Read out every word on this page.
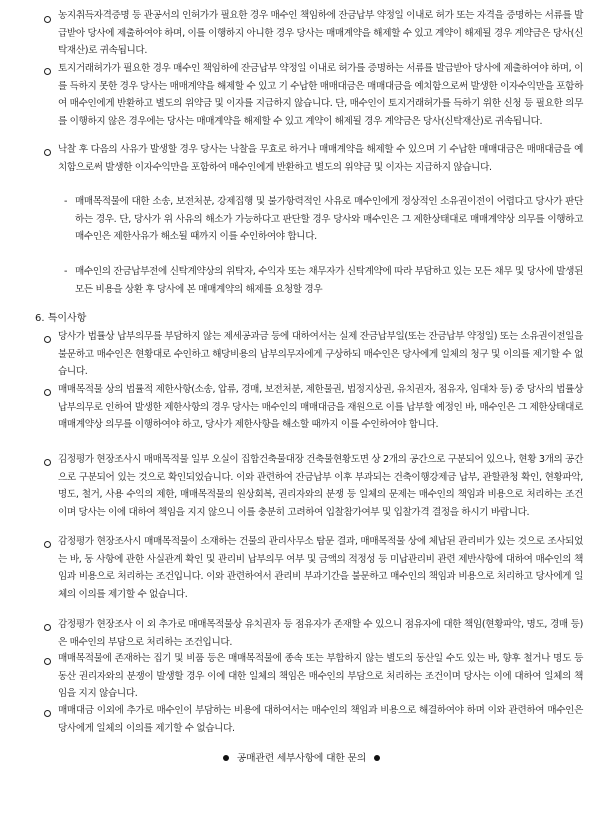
농지취득자격증명 등 관공서의 인허가가 필요한 경우 매수인 책임하에 잔금납부 약정일 이내로 허가 또는 자격을 증명하는 서류를 발급받아 당사에 제출하여야 하며, 이를 이행하지 아니한 경우 당사는 매매계약을 해제할 수 있고 계약이 해제될 경우 계약금은 당사(신탁재산)로 귀속됩니다.
토지거래허가가 필요한 경우 매수인 책임하에 잔금납부 약정일 이내로 허가를 증명하는 서류를 발급받아 당사에 제출하여야 하며, 이를 득하지 못한 경우 당사는 매매계약을 해제할 수 있고 기 수납한 매매대금은 매매대금을 예치함으로써 발생한 이자수익만을 포함하여 매수인에게 반환하고 별도의 위약금 및 이자를 지급하지 않습니다. 단, 매수인이 토지거래허가를 득하기 위한 신청 등 필요한 의무를 이행하지 않은 경우에는 당사는 매매계약을 해제할 수 있고 계약이 해제될 경우 계약금은 당사(신탁재산)로 귀속됩니다.
낙찰 후 다음의 사유가 발생할 경우 당사는 낙찰을 무효로 하거나 매매계약을 해제할 수 있으며 기 수납한 매매대금은 매매대금을 예치함으로써 발생한 이자수익만을 포함하여 매수인에게 반환하고 별도의 위약금 및 이자는 지급하지 않습니다.
- 매매목적물에 대한 소송, 보전처분, 강제집행 및 불가항력적인 사유로 매수인에게 정상적인 소유권이전이 어렵다고 당사가 판단하는 경우. 단, 당사가 위 사유의 해소가 가능하다고 판단할 경우 당사와 매수인은 그 제한상태대로 매매계약상 의무를 이행하고 매수인은 제한사유가 해소될 때까지 이를 수인하여야 합니다.
- 매수인의 잔금납부전에 신탁계약상의 위탁자, 수익자 또는 채무자가 신탁계약에 따라 부담하고 있는 모든 채무 및 당사에 발생된 모든 비용을 상환 후 당사에 본 매매계약의 해제를 요청할 경우
6. 특이사항
당사가 법률상 납부의무를 부담하지 않는 제세공과금 등에 대하여서는 실제 잔금납부일(또는 잔금납부 약정일) 또는 소유권이전일을 불문하고 매수인은 현황대로 수인하고 해당비용의 납부의무자에게 구상하되 매수인은 당사에게 일체의 청구 및 이의를 제기할 수 없습니다.
매매목적물 상의 법률적 제한사항(소송, 압류, 경매, 보전처분, 제한물권, 법정지상권, 유치권자, 점유자, 임대차 등) 중 당사의 법률상 납부의무로 인하여 발생한 제한사항의 경우 당사는 매수인의 매매대금을 재원으로 이를 납부할 예정인 바, 매수인은 그 제한상태대로 매매계약상 의무를 이행하여야 하고, 당사가 제한사항을 해소할 때까지 이를 수인하여야 합니다.
김정평가 현장조사시 매매목적물 일부 오실이 집합건축물대장 건축물현황도면 상 2개의 공간으로 구분되어 있으나, 현황 3개의 공간으로 구분되어 있는 것으로 확인되었습니다. 이와 관련하여 잔금납부 이후 부과되는 건축이행강제금 납부, 관할관청 확인, 현황파악, 명도, 철거, 사용 수익의 제한, 매매목적물의 원상회복, 권리자와의 분쟁 등 일체의 문제는 매수인의 책임과 비용으로 처리하는 조건이며 당사는 이에 대하여 책임을 지지 않으니 이를 충분히 고려하여 입찰참가여부 및 입찰가격 결정을 하시기 바랍니다.
감정평가 현장조사시 매매목적물이 소재하는 건물의 관리사무소 탐문 결과, 매매목적물 상에 체납된 관리비가 있는 것으로 조사되었는 바, 동 사항에 관한 사실관계 확인 및 관리비 납부의무 여부 및 금액의 적정성 등 미납관리비 관련 제반사항에 대하여 매수인의 책임과 비용으로 처리하는 조건입니다. 이와 관련하여서 관리비 부과기간을 불문하고 매수인의 책임과 비용으로 처리하고 당사에게 일체의 이의를 제기할 수 없습니다.
감정평가 현장조사 이 외 추가로 매매목적물상 유치권자 등 점유자가 존재할 수 있으니 점유자에 대한 책임(현황파악, 명도, 경매 등)은 매수인의 부담으로 처리하는 조건입니다.
매매목적물에 존재하는 집기 및 비품 등은 매매목적물에 종속 또는 부합하지 않는 별도의 동산일 수도 있는 바, 향후 철거나 명도 등 동산 권리자와의 분쟁이 발생할 경우 이에 대한 일체의 책임은 매수인의 부담으로 처리하는 조건이며 당사는 이에 대하여 일체의 책임을 지지 않습니다.
매매대금 이외에 추가로 매수인이 부담하는 비용에 대하여서는 매수인의 책임과 비용으로 해결하여야 하며 이와 관련하여 매수인은 당사에게 일체의 이의를 제기할 수 없습니다.
공매관련 세부사항에 대한 문의
